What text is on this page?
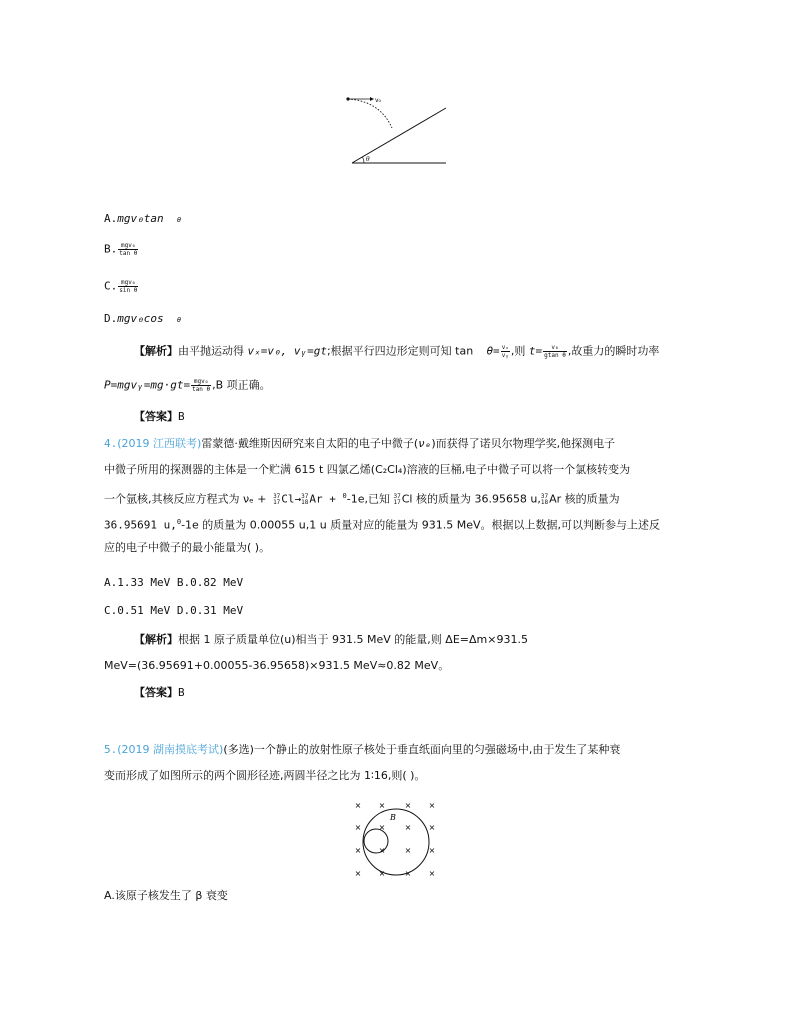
v₀
θ
A.mgv₀tan θ
B. $\frac{\text{mgv₀}}{\text{tan θ}}$
C. $\frac{\text{mgv₀}}{\text{sin θ}}$
D.mgv₀cos θ
【解析】由平抛运动得 vₓ=v₀, vᵧ=gt;根据平行四边形定则可知 $\tan \theta= \frac{\text{vₓ}}{\text{vᵧ}}$ ,则 $t= \frac{\text{v₀}}{\text{gtan θ}}$ ,故重力的瞬时功率
P=mgvᵧ=mg·gt= $\frac{\text{mgv₀}}{\text{tan θ}} ,B$ 项正确。
【答案】B
4.(2019 江西联考)雷蒙德·戴维斯因研究来自太阳的电子中微子(νₑ)而获得了诺贝尔物理学奖,他探测电子
中微子所用的探测器的主体是一个贮满 615 t 四氯乙烯(C₂Cl₄)溶液的巨桶,电子中微子可以将一个氯核转变为
一个氩核,其核反应方程式为 νₑ + 37
17 Cl→ 37
18 Ar + $^0$-1e,已知 37
17 Cl 核的质量为 36.95658 u, 37
18 Ar 核的质量为
36.95691 u,$^0$-1e 的质量为 0.00055 u,1 u 质量对应的能量为 931.5 MeV。根据以上数据,可以判断参与上述反
应的电子中微子的最小能量为( )。
A.1.33 MeV B.0.82 MeV
C.0.51 MeV D.0.31 MeV
【解析】根据 1 原子质量单位(u)相当于 931.5 MeV 的能量,则 ΔE=Δm×931.5
MeV=(36.95691+0.00055-36.95658)×931.5 MeV≈0.82 MeV。
【答案】B
5.(2019 湖南摸底考试)(多选)一个静止的放射性原子核处于垂直纸面向里的匀强磁场中,由于发生了某种衰
变而形成了如图所示的两个圆形径迹,两圆半径之比为 1∶16,则( )。
× × × ×
× × × ×
× × × ×
× × × ×
B
A.该原子核发生了 β 衰变
